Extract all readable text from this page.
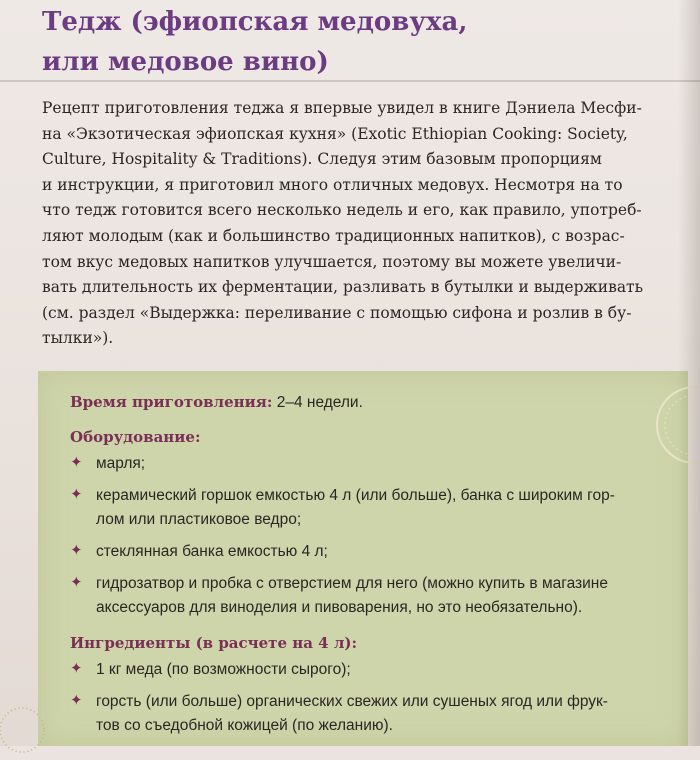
Тедж (эфиопская медовуха,
или медовое вино)
Рецепт приготовления теджа я впервые увидел в книге Дэниела Месфи-
на «Экзотическая эфиопская кухня» (Exotic Ethiopian Cooking: Society,
Culture, Hospitality & Traditions). Следуя этим базовым пропорциям
и инструкции, я приготовил много отличных медовух. Несмотря на то
что тедж готовится всего несколько недель и его, как правило, употреб-
ляют молодым (как и большинство традиционных напитков), с возрас-
том вкус медовых напитков улучшается, поэтому вы можете увеличи-
вать длительность их ферментации, разливать в бутылки и выдерживать
(см. раздел «Выдержка: переливание с помощью сифона и розлив в бу-
тылки»).
Время приготовления: 2–4 недели.
Оборудование:
✦ марля;
✦ керамический горшок емкостью 4 л (или больше), банка с широким гор-
лом или пластиковое ведро;
✦ стеклянная банка емкостью 4 л;
✦ гидрозатвор и пробка с отверстием для него (можно купить в магазине
аксессуаров для виноделия и пивоварения, но это необязательно).
Ингредиенты (в расчете на 4 л):
✦ 1 кг меда (по возможности сырого);
✦ горсть (или больше) органических свежих или сушеных ягод или фрук-
тов со съедобной кожицей (по желанию).
